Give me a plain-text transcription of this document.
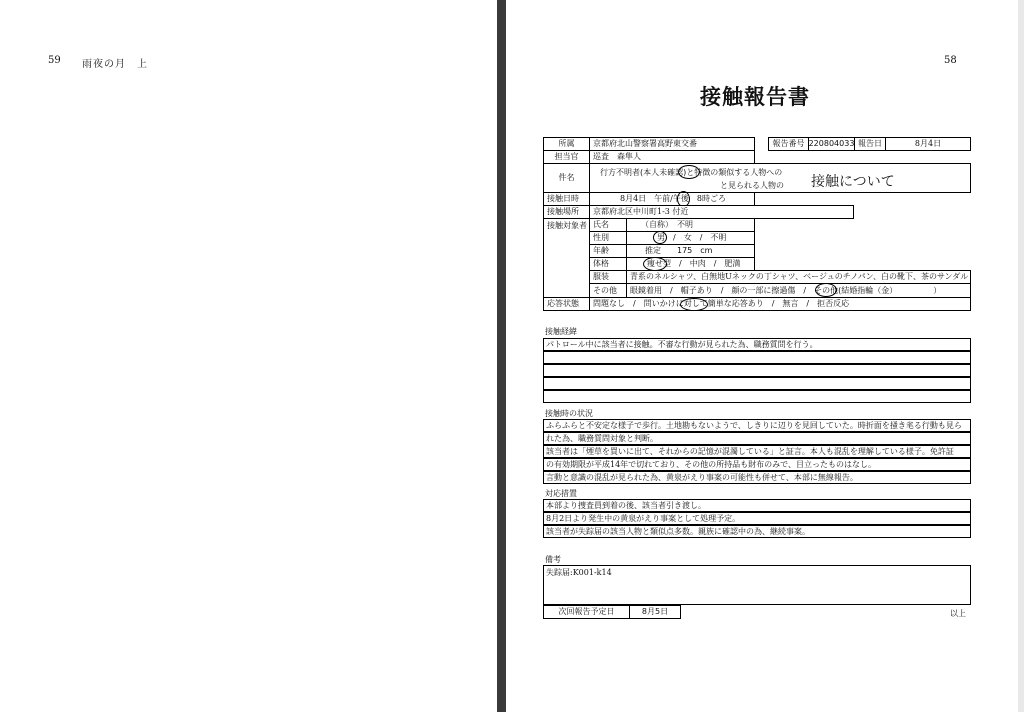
59 雨夜の月　上	58
接触報告書
所属	京都府北山警察署高野東交番	報告番号 220804033 報告日	8月4日
担当官	巡査　森隼人
件名
行方不明者(本人未確認)と特徴の類似する人物への
と見られる人物の 接触について
接触日時	8月4日　午前/午後　8時ごろ
接触場所	京都府北区中川町1-3 付近
接触対象者 氏名	（自称）　不明
性別	男　/　女　/　不明
年齢	推定　　175　cm
体格	痩せ型　/　中肉　/　肥満
服装	青系のネルシャツ、白無地Uネックの丁シャツ、ベージュのチノパン、白の靴下、茶のサンダル
その他	眼鏡着用　/　帽子あり　/　顔の一部に擦過傷　/　その他(結婚指輪（金）　　　　　）
応答状態	問題なし　/　問いかけに対して簡単な応答あり　/　無言　/　拒否反応
接触経緯
パトロール中に該当者に接触。不審な行動が見られた為、職務質問を行う。
接触時の状況
ふらふらと不安定な様子で歩行。土地勘もないようで、しきりに辺りを見回していた。時折面を掻き毟る行動も見ら
れた為、職務質問対象と判断。
該当者は「煙草を買いに出て、それからの記憶が混濁している」と証言。本人も混乱を理解している様子。免許証
の有効期限が平成14年で切れており、その他の所持品も財布のみで、目立ったものはなし。
言動と意識の混乱が見られた為、黄泉がえり事案の可能性も併せて、本部に無線報告。
対応措置
本部より捜査員到着の後、該当者引き渡し。
8月2日より発生中の黄泉がえり事案として処理予定。
該当者が失踪届の該当人物と類似点多数。親族に確認中の為、継続事案。
備考
失踪届:K001-k14
次回報告予定日	8月5日	以上
